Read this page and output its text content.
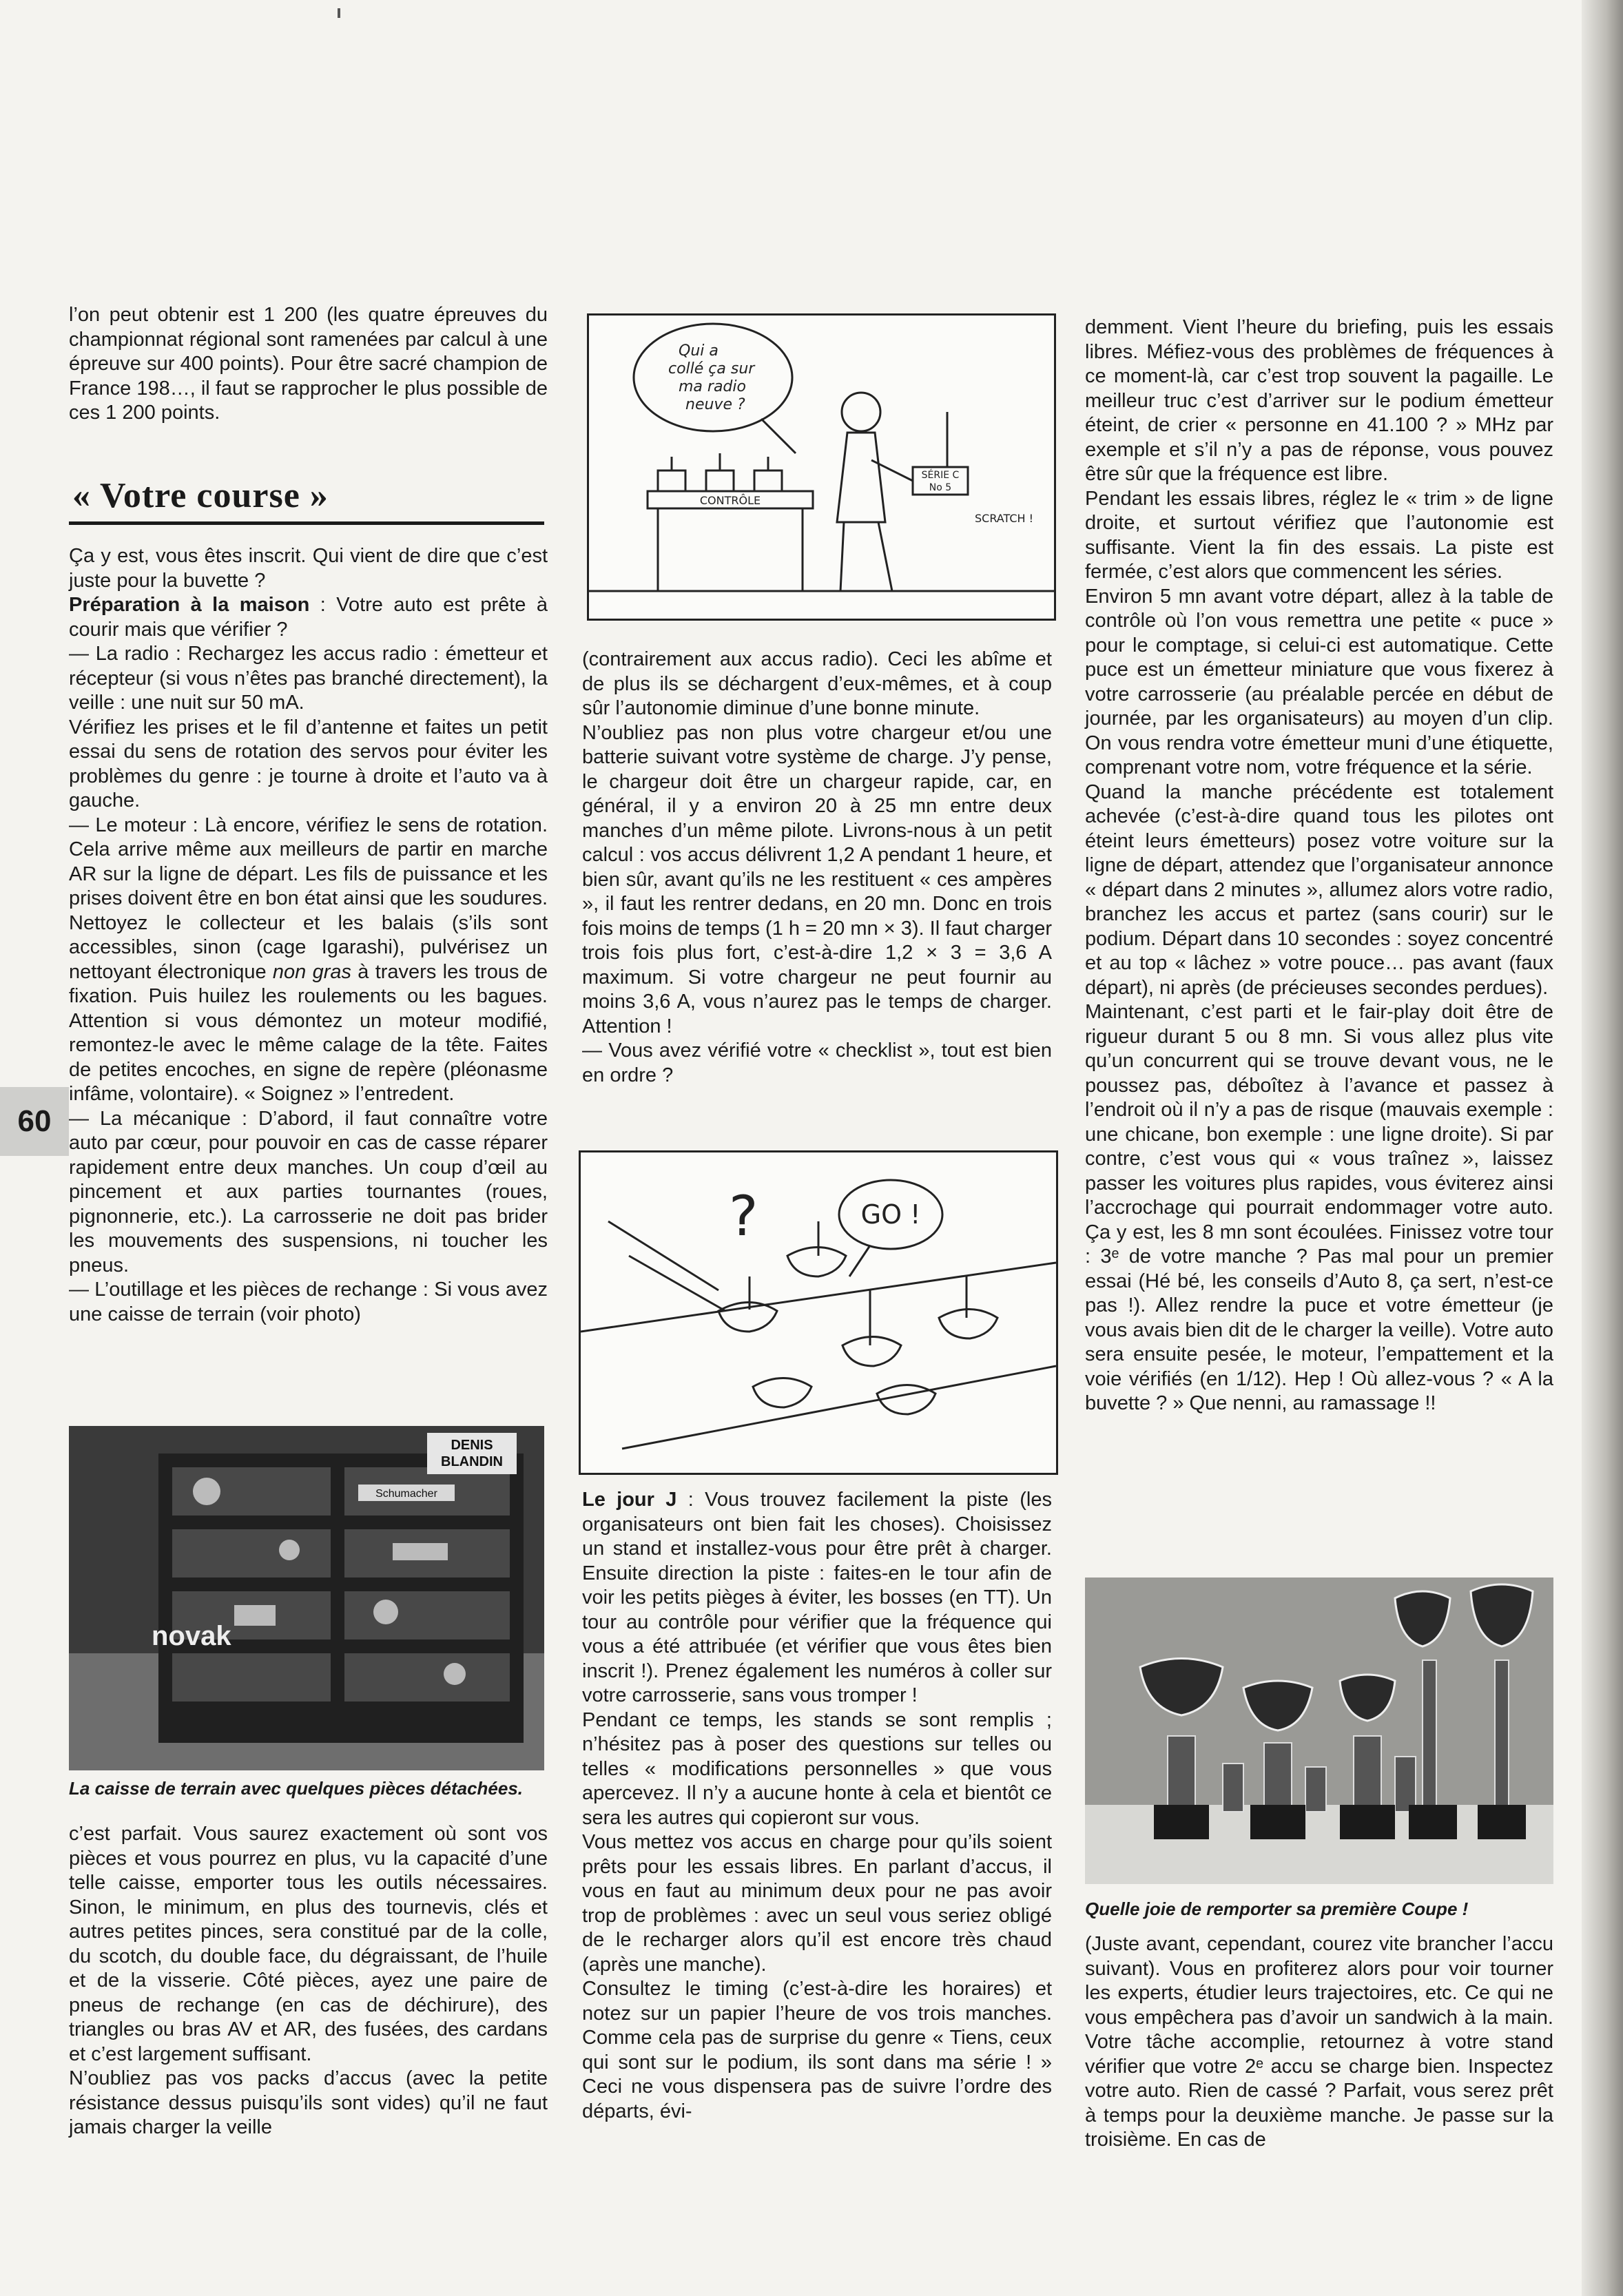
l’on peut obtenir est 1 200 (les quatre épreuves du championnat régional sont ramenées par calcul à une épreuve sur 400 points). Pour être sacré champion de France 198…, il faut se rapprocher le plus possible de ces 1 200 points.

« Votre course »

Ça y est, vous êtes inscrit. Qui vient de dire que c’est juste pour la buvette ?

Préparation à la maison : Votre auto est prête à courir mais que vérifier ?

— La radio : Rechargez les accus radio : émetteur et récepteur (si vous n’êtes pas branché directement), la veille : une nuit sur 50 mA.

Vérifiez les prises et le fil d’antenne et faites un petit essai du sens de rotation des servos pour éviter les problèmes du genre : je tourne à droite et l’auto va à gauche.

— Le moteur : Là encore, vérifiez le sens de rotation. Cela arrive même aux meilleurs de partir en marche AR sur la ligne de départ. Les fils de puissance et les prises doivent être en bon état ainsi que les soudures. Nettoyez le collecteur et les balais (s’ils sont accessibles, sinon (cage Igarashi), pulvérisez un nettoyant électronique non gras à travers les trous de fixation. Puis huilez les roulements ou les bagues. Attention si vous démontez un moteur modifié, remontez-le avec le même calage de la tête. Faites de petites encoches, en signe de repère (pléonasme infâme, volontaire). « Soignez » l’entredent.

— La mécanique : D’abord, il faut connaître votre auto par cœur, pour pouvoir en cas de casse réparer rapidement entre deux manches. Un coup d’œil au pincement et aux parties tournantes (roues, pignonnerie, etc.). La carrosserie ne doit pas brider les mouvements des suspensions, ni toucher les pneus.

— L’outillage et les pièces de rechange : Si vous avez une caisse de terrain (voir photo)

60
DENIS
BLANDIN
Schumacher
novak
La caisse de terrain avec quelques pièces détachées.

c’est parfait. Vous saurez exactement où sont vos pièces et vous pourrez en plus, vu la capacité d’une telle caisse, emporter tous les outils nécessaires. Sinon, le minimum, en plus des tournevis, clés et autres petites pinces, sera constitué par de la colle, du scotch, du double face, du dégraissant, de l’huile et de la visserie. Côté pièces, ayez une paire de pneus de rechange (en cas de déchirure), des triangles ou bras AV et AR, des fusées, des cardans et c’est largement suffisant.

N’oubliez pas vos packs d’accus (avec la petite résistance dessus puisqu’ils sont vides) qu’il ne faut jamais charger la veille

Qui a
collé ça sur
ma radio
neuve ?
CONTRÔLE
SÉRIE C
No 5
SCRATCH !

(contrairement aux accus radio). Ceci les abîme et de plus ils se déchargent d’eux-mêmes, et à coup sûr l’autonomie diminue d’une bonne minute.

N’oubliez pas non plus votre chargeur et/ou une batterie suivant votre système de charge. J’y pense, le chargeur doit être un chargeur rapide, car, en général, il y a environ 20 à 25 mn entre deux manches d’un même pilote. Livrons-nous à un petit calcul : vos accus délivrent 1,2 A pendant 1 heure, et bien sûr, avant qu’ils ne les restituent « ces ampères », il faut les rentrer dedans, en 20 mn. Donc en trois fois moins de temps (1 h = 20 mn × 3). Il faut charger trois fois plus fort, c’est-à-dire 1,2 × 3 = 3,6 A maximum. Si votre chargeur ne peut fournir au moins 3,6 A, vous n’aurez pas le temps de charger. Attention !

— Vous avez vérifié votre « checklist », tout est bien en ordre ?

?	GO !

Le jour J : Vous trouvez facilement la piste (les organisateurs ont bien fait les choses). Choisissez un stand et installez-vous pour être prêt à charger. Ensuite direction la piste : faites-en le tour afin de voir les petits pièges à éviter, les bosses (en TT). Un tour au contrôle pour vérifier que la fréquence qui vous a été attribuée (et vérifier que vous êtes bien inscrit !). Prenez également les numéros à coller sur votre carrosserie, sans vous tromper !

Pendant ce temps, les stands se sont remplis ; n’hésitez pas à poser des questions sur telles ou telles « modifications personnelles » que vous apercevez. Il n’y a aucune honte à cela et bientôt ce sera les autres qui copieront sur vous.

Vous mettez vos accus en charge pour qu’ils soient prêts pour les essais libres. En parlant d’accus, il vous en faut au minimum deux pour ne pas avoir trop de problèmes : avec un seul vous seriez obligé de le recharger alors qu’il est encore très chaud (après une manche).

Consultez le timing (c’est-à-dire les horaires) et notez sur un papier l’heure de vos trois manches. Comme cela pas de surprise du genre « Tiens, ceux qui sont sur le podium, ils sont dans ma série ! » Ceci ne vous dispensera pas de suivre l’ordre des départs, évi-

demment. Vient l’heure du briefing, puis les essais libres. Méfiez-vous des problèmes de fréquences à ce moment-là, car c’est trop souvent la pagaille. Le meilleur truc c’est d’arriver sur le podium émetteur éteint, de crier « personne en 41.100 ? » MHz par exemple et s’il n’y a pas de réponse, vous pouvez être sûr que la fréquence est libre.

Pendant les essais libres, réglez le « trim » de ligne droite, et surtout vérifiez que l’autonomie est suffisante. Vient la fin des essais. La piste est fermée, c’est alors que commencent les séries.

Environ 5 mn avant votre départ, allez à la table de contrôle où l’on vous remettra une petite « puce » pour le comptage, si celui-ci est automatique. Cette puce est un émetteur miniature que vous fixerez à votre carrosserie (au préalable percée en début de journée, par les organisateurs) au moyen d’un clip. On vous rendra votre émetteur muni d’une étiquette, comprenant votre nom, votre fréquence et la série.

Quand la manche précédente est totalement achevée (c’est-à-dire quand tous les pilotes ont éteint leurs émetteurs) posez votre voiture sur la ligne de départ, attendez que l’organisateur annonce « départ dans 2 minutes », allumez alors votre radio, branchez les accus et partez (sans courir) sur le podium. Départ dans 10 secondes : soyez concentré et au top « lâchez » votre pouce… pas avant (faux départ), ni après (de précieuses secondes perdues).

Maintenant, c’est parti et le fair-play doit être de rigueur durant 5 ou 8 mn. Si vous allez plus vite qu’un concurrent qui se trouve devant vous, ne le poussez pas, déboîtez à l’avance et passez à l’endroit où il n’y a pas de risque (mauvais exemple : une chicane, bon exemple : une ligne droite). Si par contre, c’est vous qui « vous traînez », laissez passer les voitures plus rapides, vous éviterez ainsi l’accrochage qui pourrait endommager votre auto. Ça y est, les 8 mn sont écoulées. Finissez votre tour : 3ᵉ de votre manche ? Pas mal pour un premier essai (Hé bé, les conseils d’Auto 8, ça sert, n’est-ce pas !). Allez rendre la puce et votre émetteur (je vous avais bien dit de le charger la veille). Votre auto sera ensuite pesée, le moteur, l’empattement et la voie vérifiés (en 1/12). Hep ! Où allez-vous ? « A la buvette ? » Que nenni, au ramassage !!

Quelle joie de remporter sa première Coupe !

(Juste avant, cependant, courez vite brancher l’accu suivant). Vous en profiterez alors pour voir tourner les experts, étudier leurs trajectoires, etc. Ce qui ne vous empêchera pas d’avoir un sandwich à la main. Votre tâche accomplie, retournez à votre stand vérifier que votre 2ᵉ accu se charge bien. Inspectez votre auto. Rien de cassé ? Parfait, vous serez prêt à temps pour la deuxième manche. Je passe sur la troisième. En cas de
